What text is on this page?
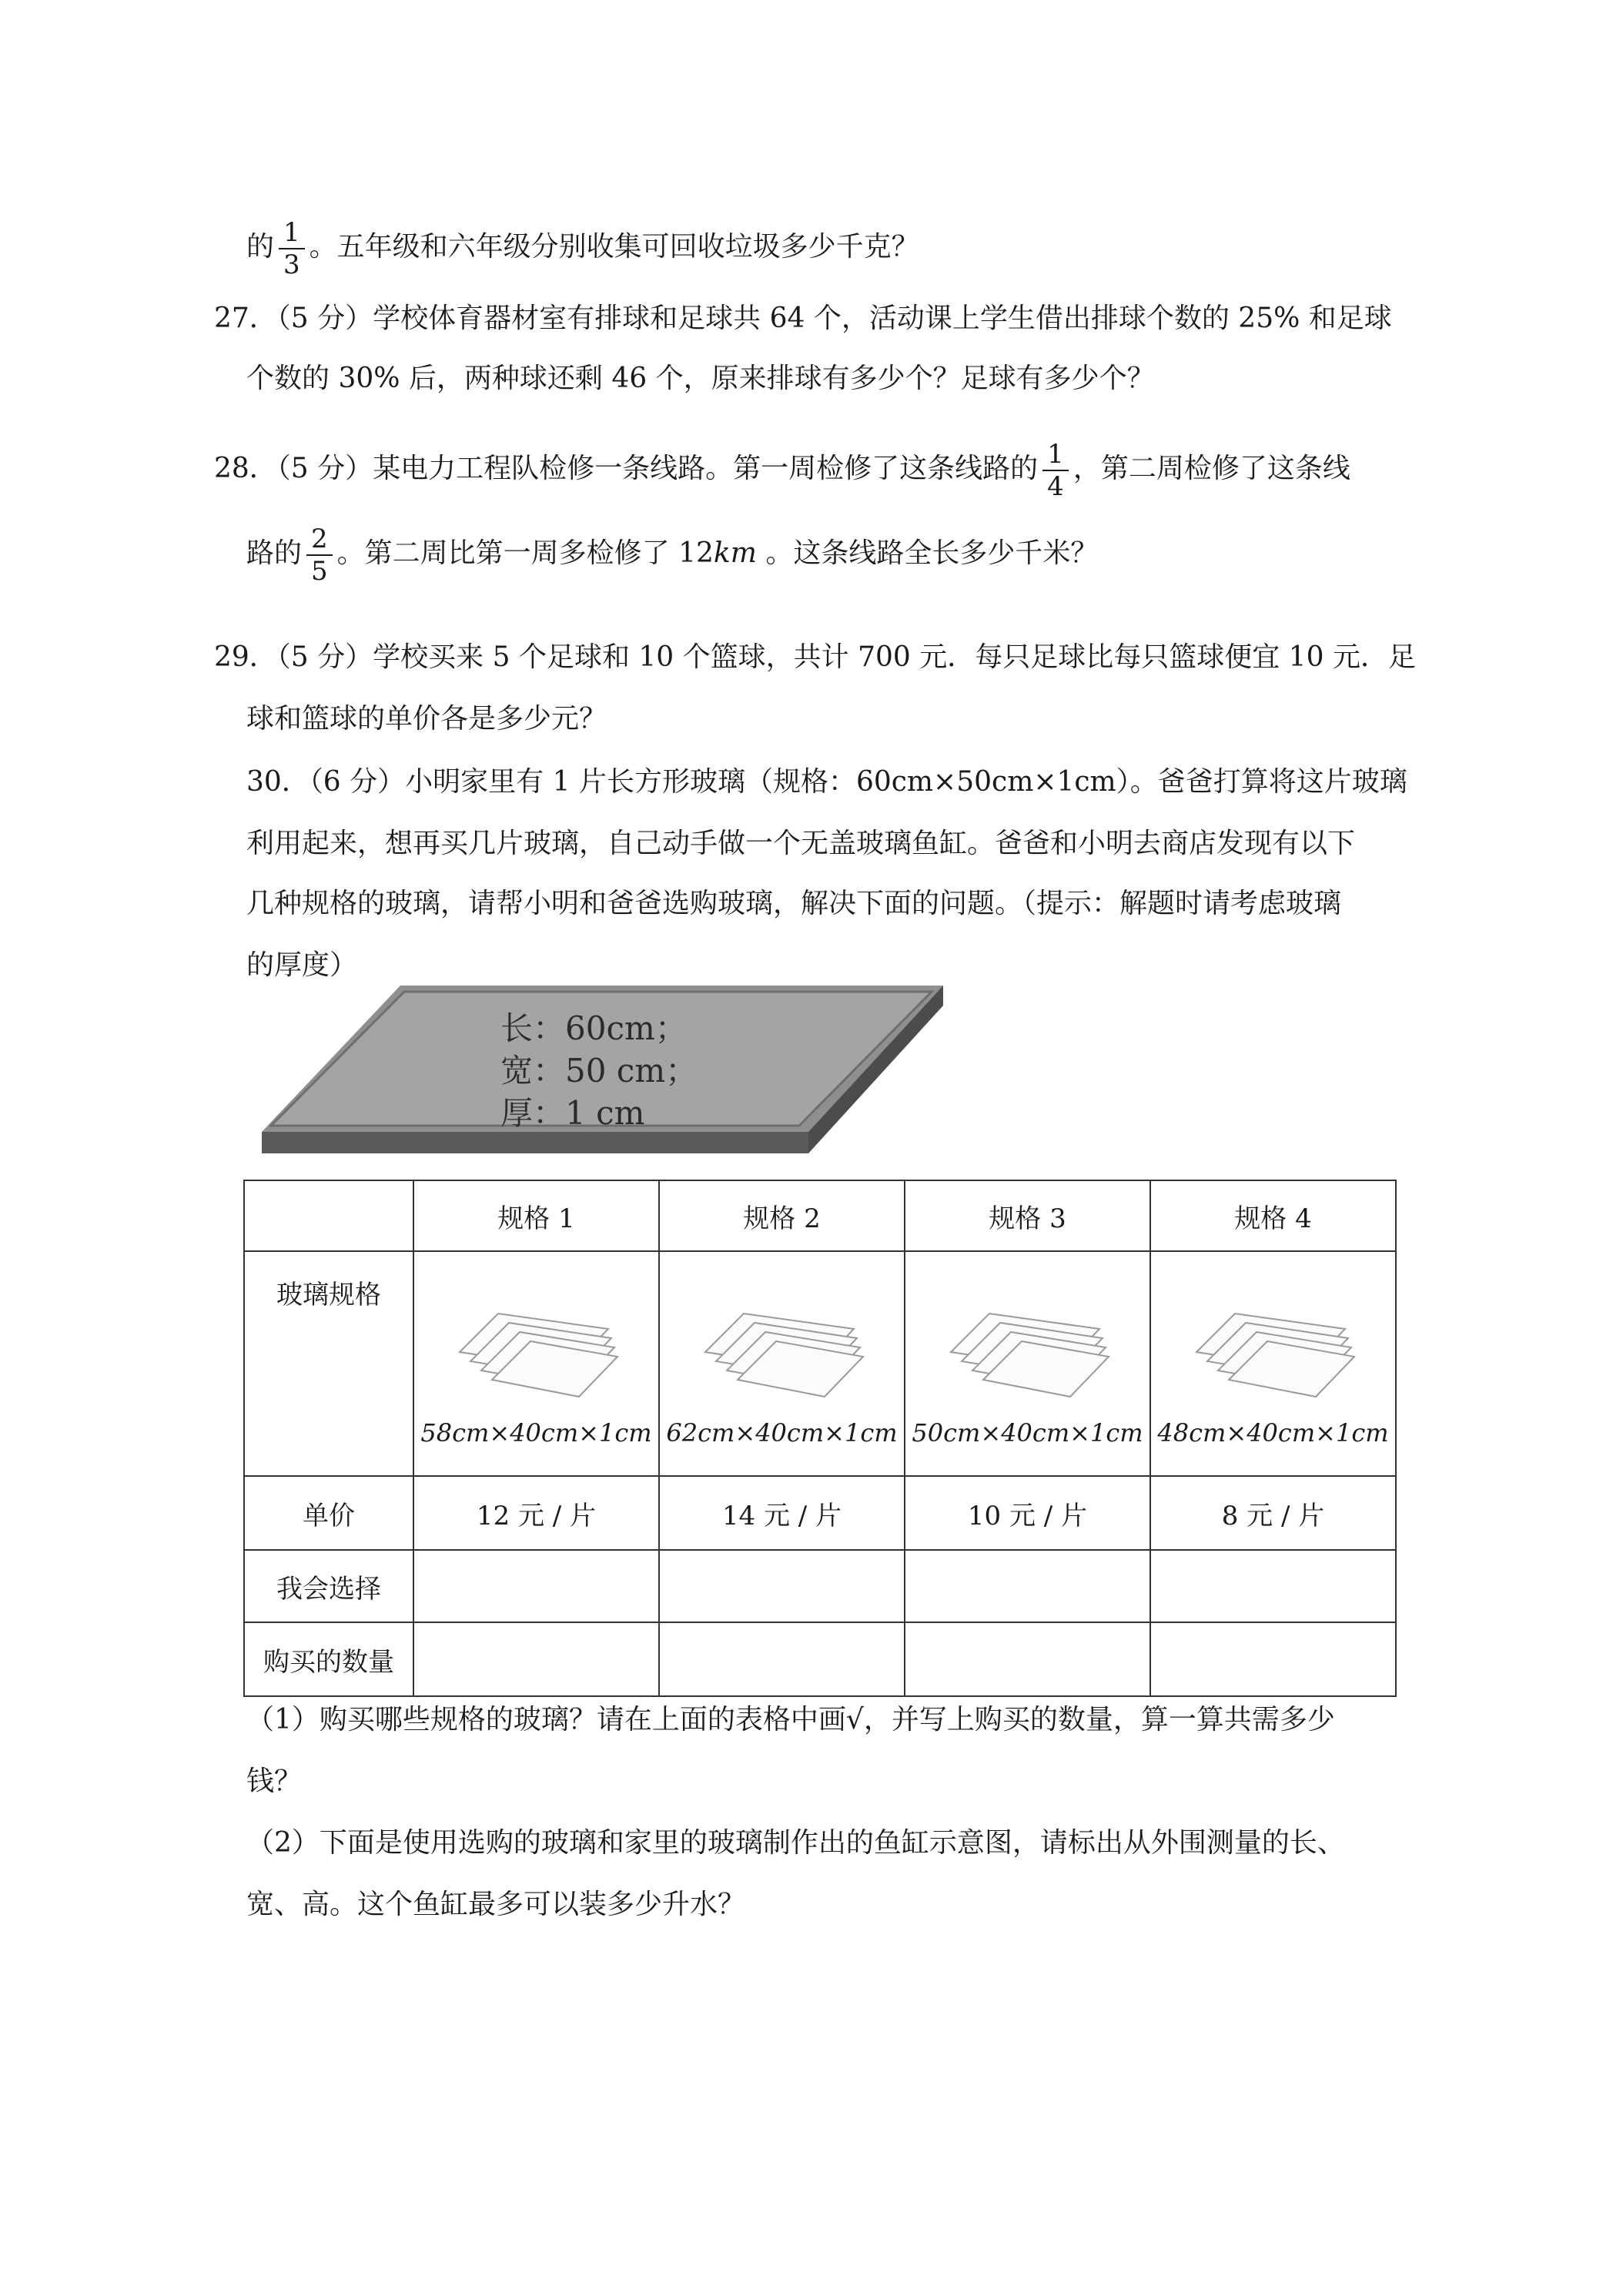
的 $\frac{1}{3}$ 。五年级和六年级分别收集可回收垃圾多少千克？
27．（5 分）学校体育器材室有排球和足球共 64 个，活动课上学生借出排球个数的 25% 和足球
个数的 30% 后，两种球还剩 46 个，原来排球有多少个？足球有多少个？
28．（5 分）某电力工程队检修一条线路。第一周检修了这条线路的 $\frac{1}{4}$ ，第二周检修了这条线
路的 $\frac{2}{5}$ 。第二周比第一周多检修了 12km 。这条线路全长多少千米？
29．（5 分）学校买来 5 个足球和 10 个篮球，共计 700 元．每只足球比每只篮球便宜 10 元．足
球和篮球的单价各是多少元？
30．（6 分）小明家里有 1 片长方形玻璃（规格：60cm×50cm×1cm）。爸爸打算将这片玻璃
利用起来，想再买几片玻璃，自己动手做一个无盖玻璃鱼缸。爸爸和小明去商店发现有以下
几种规格的玻璃，请帮小明和爸爸选购玻璃，解决下面的问题。（提示：解题时请考虑玻璃
的厚度）
长：60cm；
宽：50 cm；
厚：1 cm
	规格 1	规格 2	规格 3	规格 4
玻璃规格	58cm×40cm×1cm	62cm×40cm×1cm	50cm×40cm×1cm	48cm×40cm×1cm

单价	12 元 / 片	14 元 / 片	10 元 / 片	8 元 / 片
我会选择				
购买的数量				
（1）购买哪些规格的玻璃？请在上面的表格中画√，并写上购买的数量，算一算共需多少
钱？
（2）下面是使用选购的玻璃和家里的玻璃制作出的鱼缸示意图，请标出从外围测量的长、
宽、高。这个鱼缸最多可以装多少升水？
